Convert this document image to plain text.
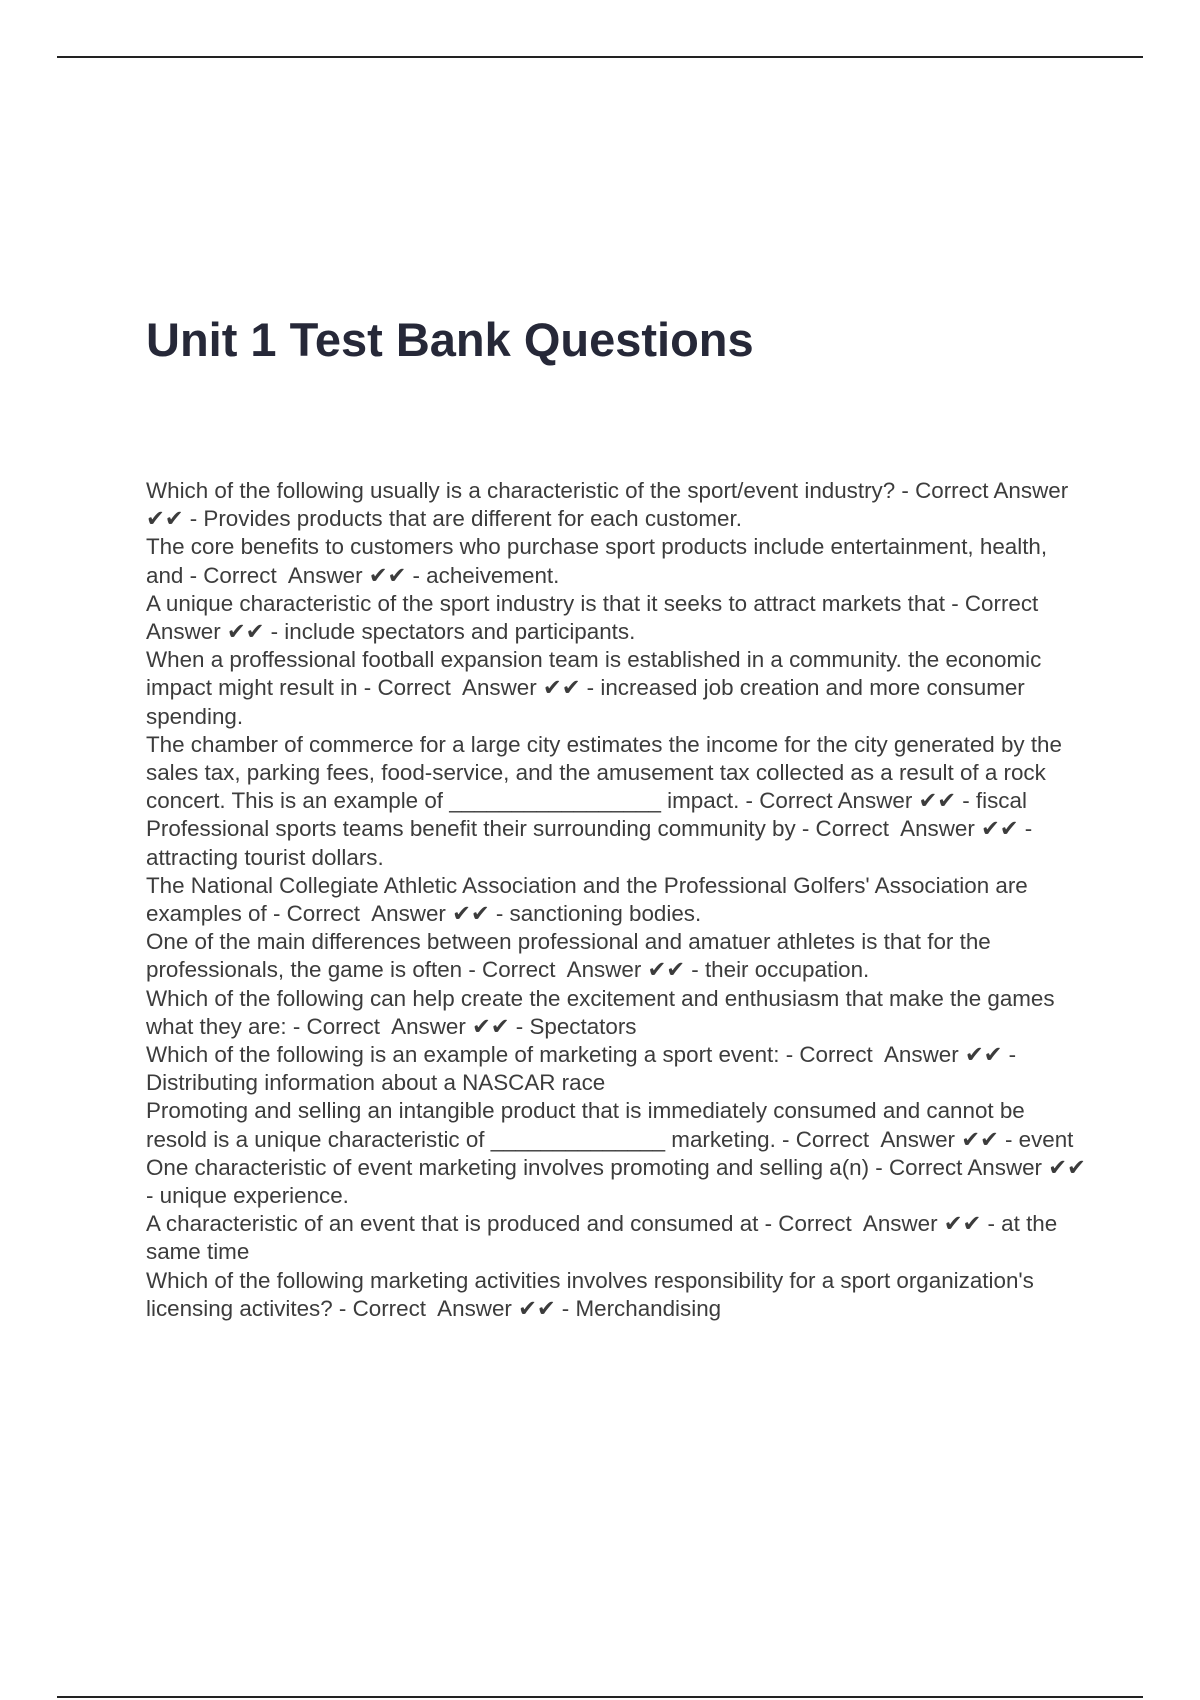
Unit 1 Test Bank Questions
Which of the following usually is a characteristic of the sport/event industry? - Correct Answer ✔✔ - Provides products that are different for each customer.
The core benefits to customers who purchase sport products include entertainment, health, and - Correct  Answer ✔✔ - acheivement.
A unique characteristic of the sport industry is that it seeks to attract markets that - Correct  Answer ✔✔ - include spectators and participants.
When a proffessional football expansion team is established in a community. the economic impact might result in - Correct  Answer ✔✔ - increased job creation and more consumer spending.
The chamber of commerce for a large city estimates the income for the city generated by the sales tax, parking fees, food-service, and the amusement tax collected as a result of a rock concert. This is an example of _________________ impact. - Correct Answer ✔✔ - fiscal
Professional sports teams benefit their surrounding community by - Correct  Answer ✔✔ - attracting tourist dollars.
The National Collegiate Athletic Association and the Professional Golfers' Association are examples of - Correct  Answer ✔✔ - sanctioning bodies.
One of the main differences between professional and amatuer athletes is that for the professionals, the game is often - Correct  Answer ✔✔ - their occupation.
Which of the following can help create the excitement and enthusiasm that make the games what they are: - Correct  Answer ✔✔ - Spectators
Which of the following is an example of marketing a sport event: - Correct  Answer ✔✔ - Distributing information about a NASCAR race
Promoting and selling an intangible product that is immediately consumed and cannot be resold is a unique characteristic of ______________ marketing. - Correct  Answer ✔✔ - event
One characteristic of event marketing involves promoting and selling a(n) - Correct Answer ✔✔ - unique experience.
A characteristic of an event that is produced and consumed at - Correct  Answer ✔✔ - at the same time
Which of the following marketing activities involves responsibility for a sport organization's licensing activites? - Correct  Answer ✔✔ - Merchandising
